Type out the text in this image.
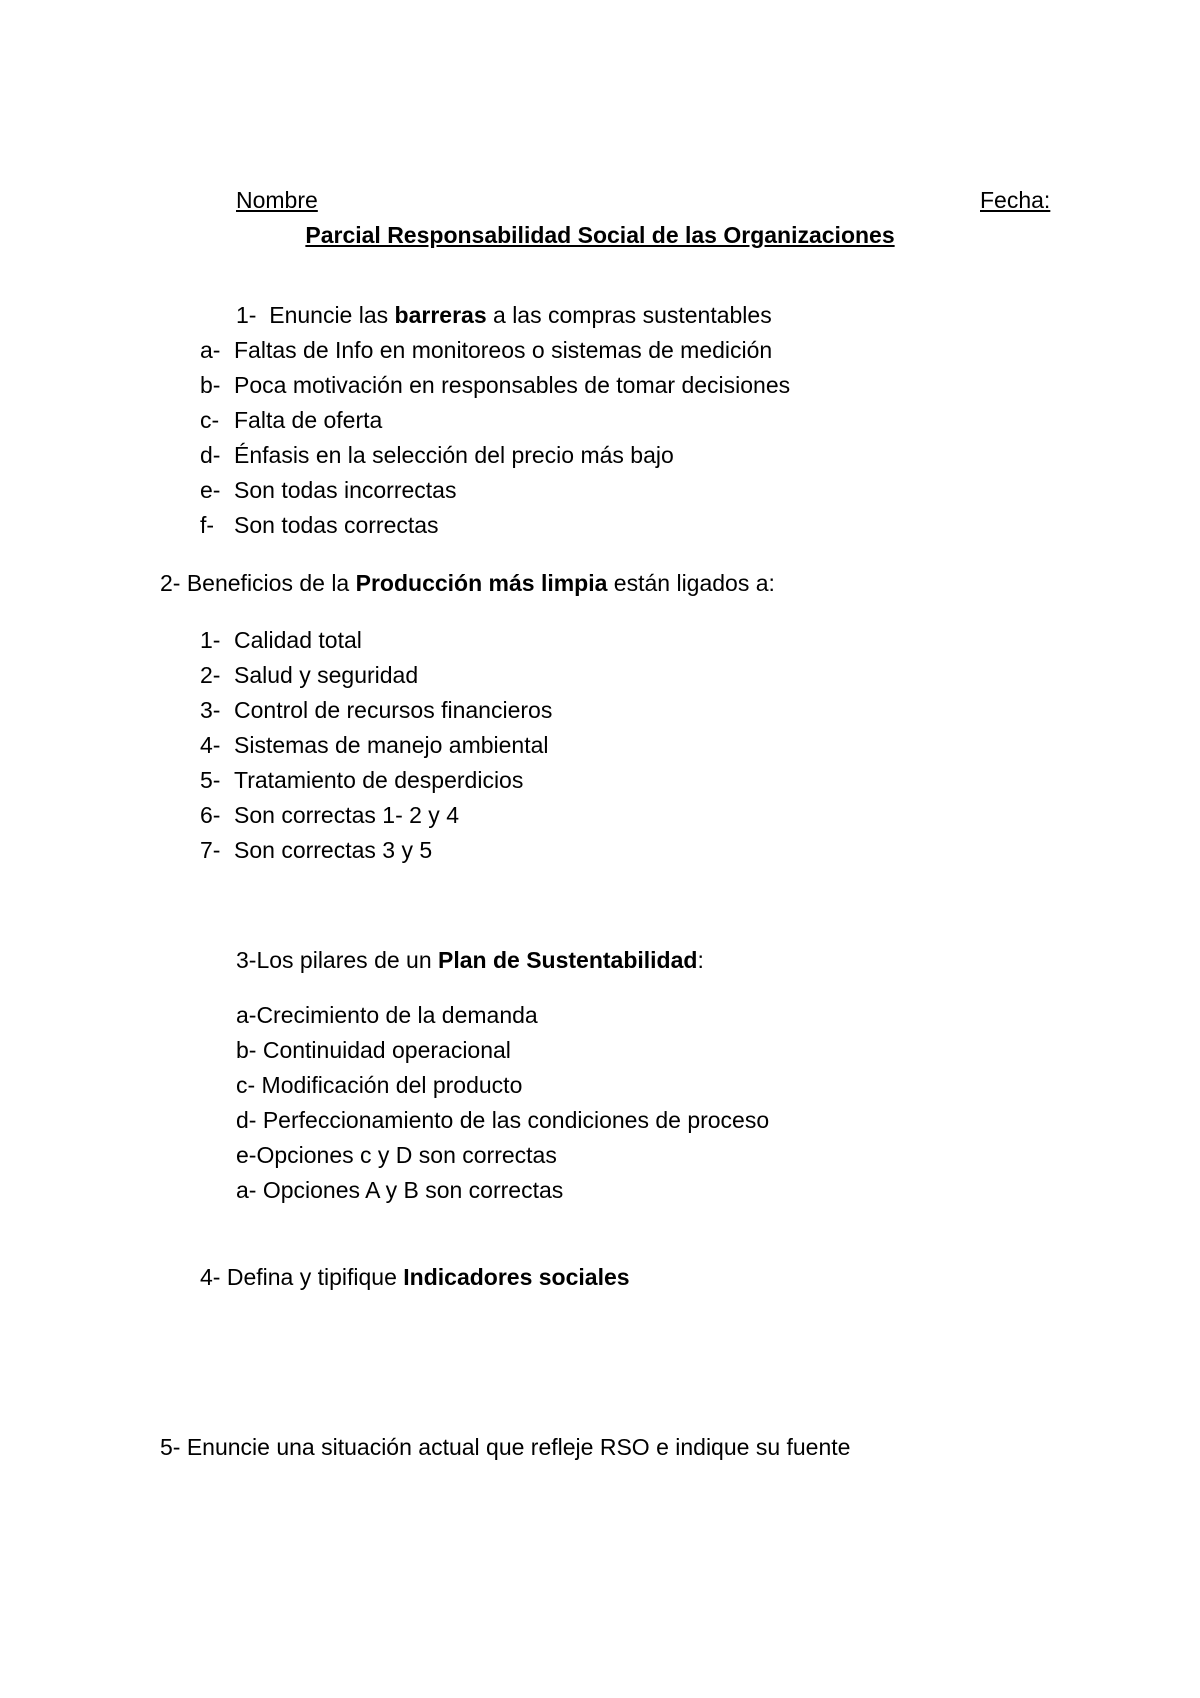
Nombre	Fecha:
Parcial Responsabilidad Social de las Organizaciones
1- Enuncie las barreras a las compras sustentables
a- Faltas de Info en monitoreos o sistemas de medición
b- Poca motivación en responsables de tomar decisiones
c- Falta de oferta
d- Énfasis en la selección del precio más bajo
e- Son todas incorrectas
f- Son todas correctas
2- Beneficios de la Producción más limpia están ligados a:
1- Calidad total
2- Salud y seguridad
3- Control de recursos financieros
4- Sistemas de manejo ambiental
5- Tratamiento de desperdicios
6- Son correctas 1- 2 y 4
7- Son correctas 3 y 5
3-Los pilares de un Plan de Sustentabilidad:
a-Crecimiento de la demanda
b- Continuidad operacional
c- Modificación del producto
d- Perfeccionamiento de las condiciones de proceso
e-Opciones c y D son correctas
a- Opciones A y B son correctas
4- Defina y tipifique Indicadores sociales
5- Enuncie una situación actual que refleje RSO e indique su fuente
